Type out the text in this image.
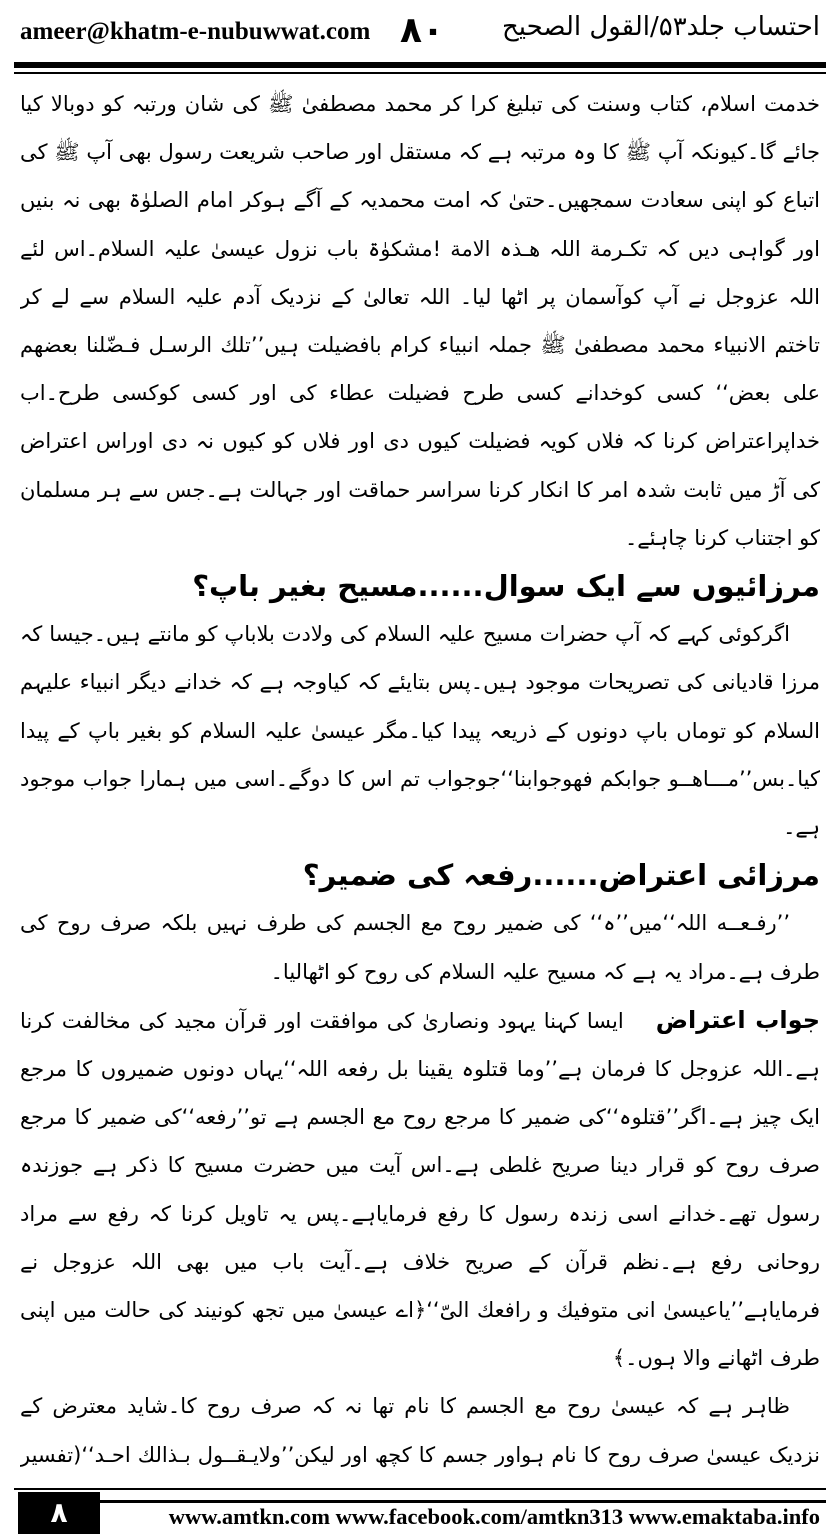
ameer@khatm-e-nubuwwat.com ۸۰ احتساب جلد۵۳/القول الصحیح

خدمت اسلام، کتاب وسنت کی تبلیغ کرا کر محمد مصطفیٰ ﷺ کی شان ورتبہ کو دوبالا کیا جائے گا۔کیونکہ آپ ﷺ کا وہ مرتبہ ہے کہ مستقل اور صاحب شریعت رسول بھی آپ ﷺ کی اتباع کو اپنی سعادت سمجھیں۔حتیٰ کہ امت محمدیہ کے آگے ہوکر امام الصلوٰۃ بھی نہ بنیں اور گواہی دیں کہ تکـرمة اللہ هـذہ الامة !مشکوٰۃ باب نزول عیسیٰ علیہ السلام۔اس لئے اللہ عزوجل نے آپ کوآسمان پر اٹھا لیا۔ اللہ تعالیٰ کے نزدیک آدم علیہ السلام سے لے کر تاختم الانبیاء محمد مصطفیٰ ﷺ جملہ انبیاء کرام بافضیلت ہیں’’تلك الرسـل فـضّلنا بعضهم علی بعض‘‘ کسی کوخدانے کسی طرح فضیلت عطاء کی اور کسی کوکسی طرح۔اب خداپراعتراض کرنا کہ فلاں کویہ فضیلت کیوں دی اور فلاں کو کیوں نہ دی اوراس اعتراض کی آڑ میں ثابت شدہ امر کا انکار کرنا سراسر حماقت اور جہالت ہے۔جس سے ہر مسلمان کو اجتناب کرنا چاہئے۔

مرزائیوں سے ایک سوال......مسیح بغیر باپ؟

اگرکوئی کہے کہ آپ حضرات مسیح علیہ السلام کی ولادت بلاباپ کو مانتے ہیں۔جیسا کہ مرزا قادیانی کی تصریحات موجود ہیں۔پس بتایئے کہ کیاوجہ ہے کہ خدانے دیگر انبیاء علیہم السلام کو توماں باپ دونوں کے ذریعہ پیدا کیا۔مگر عیسیٰ علیہ السلام کو بغیر باپ کے پیدا کیا۔بس’’مـــاهــو جوابکم فهوجوابنا‘‘جوجواب تم اس کا دوگے۔اسی میں ہمارا جواب موجود ہے۔

مرزائی اعتراض......رفعہ کی ضمیر؟

’’رفـعــه اللہ‘‘میں’’ہ‘‘ کی ضمیر روح مع الجسم کی طرف نہیں بلکہ صرف روح کی طرف ہے۔مراد یہ ہے کہ مسیح علیہ السلام کی روح کو اٹھالیا۔

جواب اعتراض    ایسا کہنا یہود ونصاریٰ کی موافقت اور قرآن مجید کی مخالفت کرنا ہے۔اللہ عزوجل کا فرمان ہے’’وما قتلوہ یقینا بل رفعه اللہ‘‘یہاں دونوں ضمیروں کا مرجع ایک چیز ہے۔اگر’’قتلوہ‘‘کی ضمیر کا مرجع روح مع الجسم ہے تو’’رفعه‘‘کی ضمیر کا مرجع صرف روح کو قرار دینا صریح غلطی ہے۔اس آیت میں حضرت مسیح کا ذکر ہے جوزندہ رسول تھے۔خدانے اسی زندہ رسول کا رفع فرمایاہے۔پس یہ تاویل کرنا کہ رفع سے مراد روحانی رفع ہے۔نظم قرآن کے صریح خلاف ہے۔آیت باب میں بھی اللہ عزوجل نے فرمایاہے’’یاعیسیٰ انی متوفیك و رافعك الیّ‘‘﴿اے عیسیٰ میں تجھ کونیند کی حالت میں اپنی طرف اٹھانے والا ہوں۔﴾

ظاہر ہے کہ عیسیٰ روح مع الجسم کا نام تھا نہ کہ صرف روح کا۔شاید معترض کے نزدیک عیسیٰ صرف روح کا نام ہواور جسم کا کچھ اور لیکن’’ولایـقــول بـذالك احـد‘‘(تفسیر

۸	www.amtkn.com www.facebook.com/amtkn313 www.emaktaba.info
